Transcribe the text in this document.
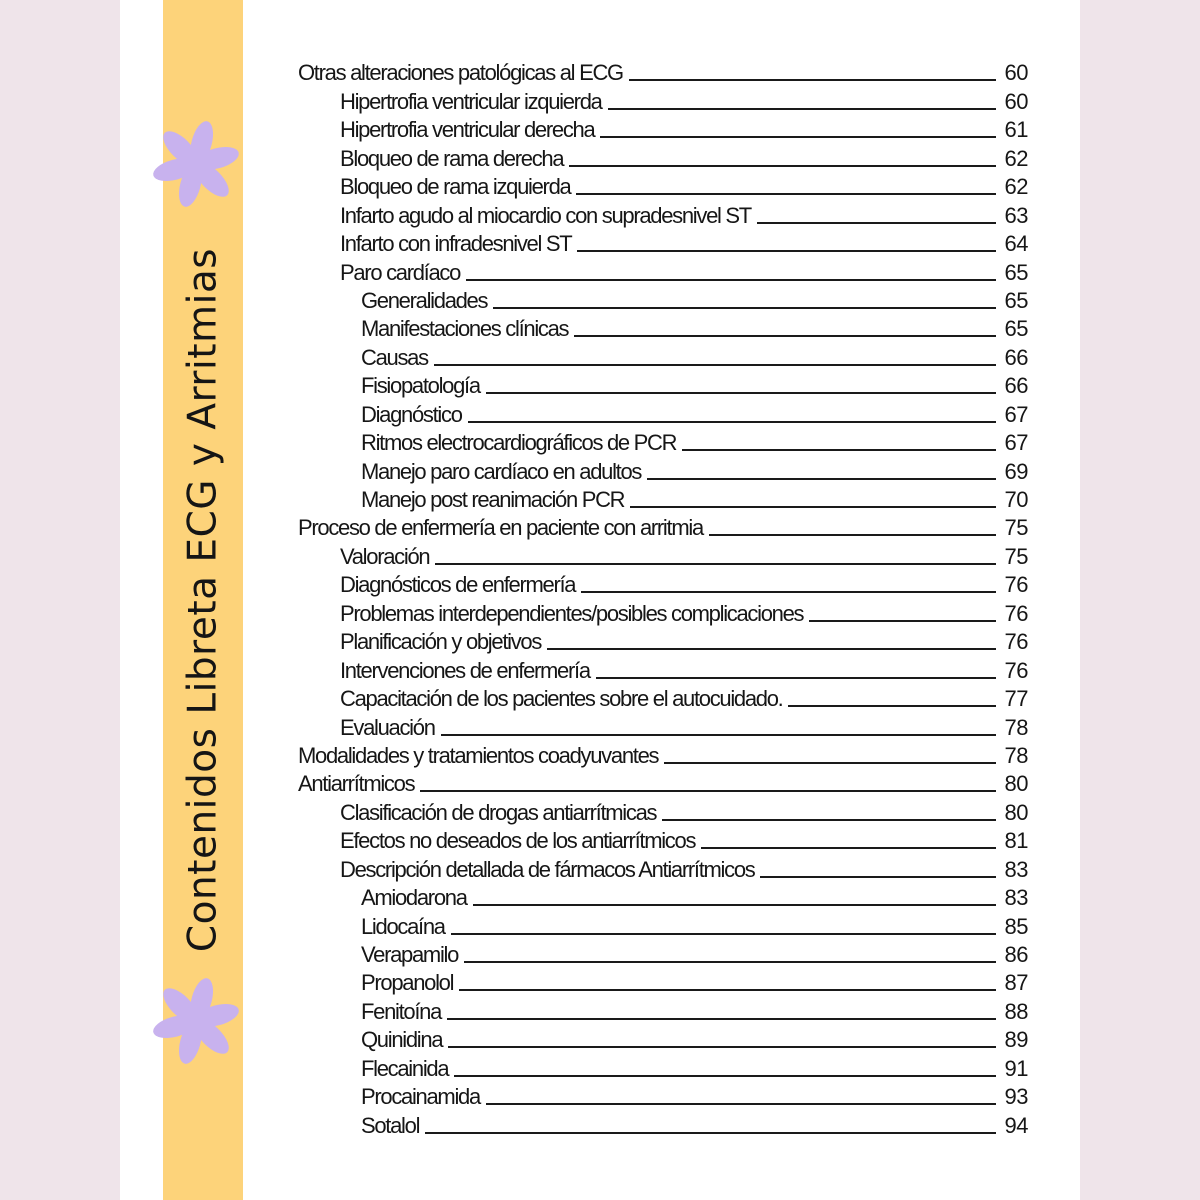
Contenidos Libreta ECG y Arritmias
Otras alteraciones patológicas al ECG	60
Hipertrofia ventricular izquierda	60
Hipertrofia ventricular derecha	61
Bloqueo de rama derecha	62
Bloqueo de rama izquierda	62
Infarto agudo al miocardio con supradesnivel ST	63
Infarto con infradesnivel ST	64
Paro cardíaco	65
Generalidades	65
Manifestaciones clínicas	65
Causas	66
Fisiopatología	66
Diagnóstico	67
Ritmos electrocardiográficos de PCR	67
Manejo paro cardíaco en adultos	69
Manejo post reanimación PCR	70
Proceso de enfermería en paciente con arritmia	75
Valoración	75
Diagnósticos de enfermería	76
Problemas interdependientes/posibles complicaciones	76
Planificación y objetivos	76
Intervenciones de enfermería	76
Capacitación de los pacientes sobre el autocuidado.	77
Evaluación	78
Modalidades y tratamientos coadyuvantes	78
Antiarrítmicos	80
Clasificación de drogas antiarrítmicas	80
Efectos no deseados de los antiarrítmicos	81
Descripción detallada de fármacos Antiarrítmicos	83
Amiodarona	83
Lidocaína	85
Verapamilo	86
Propanolol	87
Fenitoína	88
Quinidina	89
Flecainida	91
Procainamida	93
Sotalol	94
